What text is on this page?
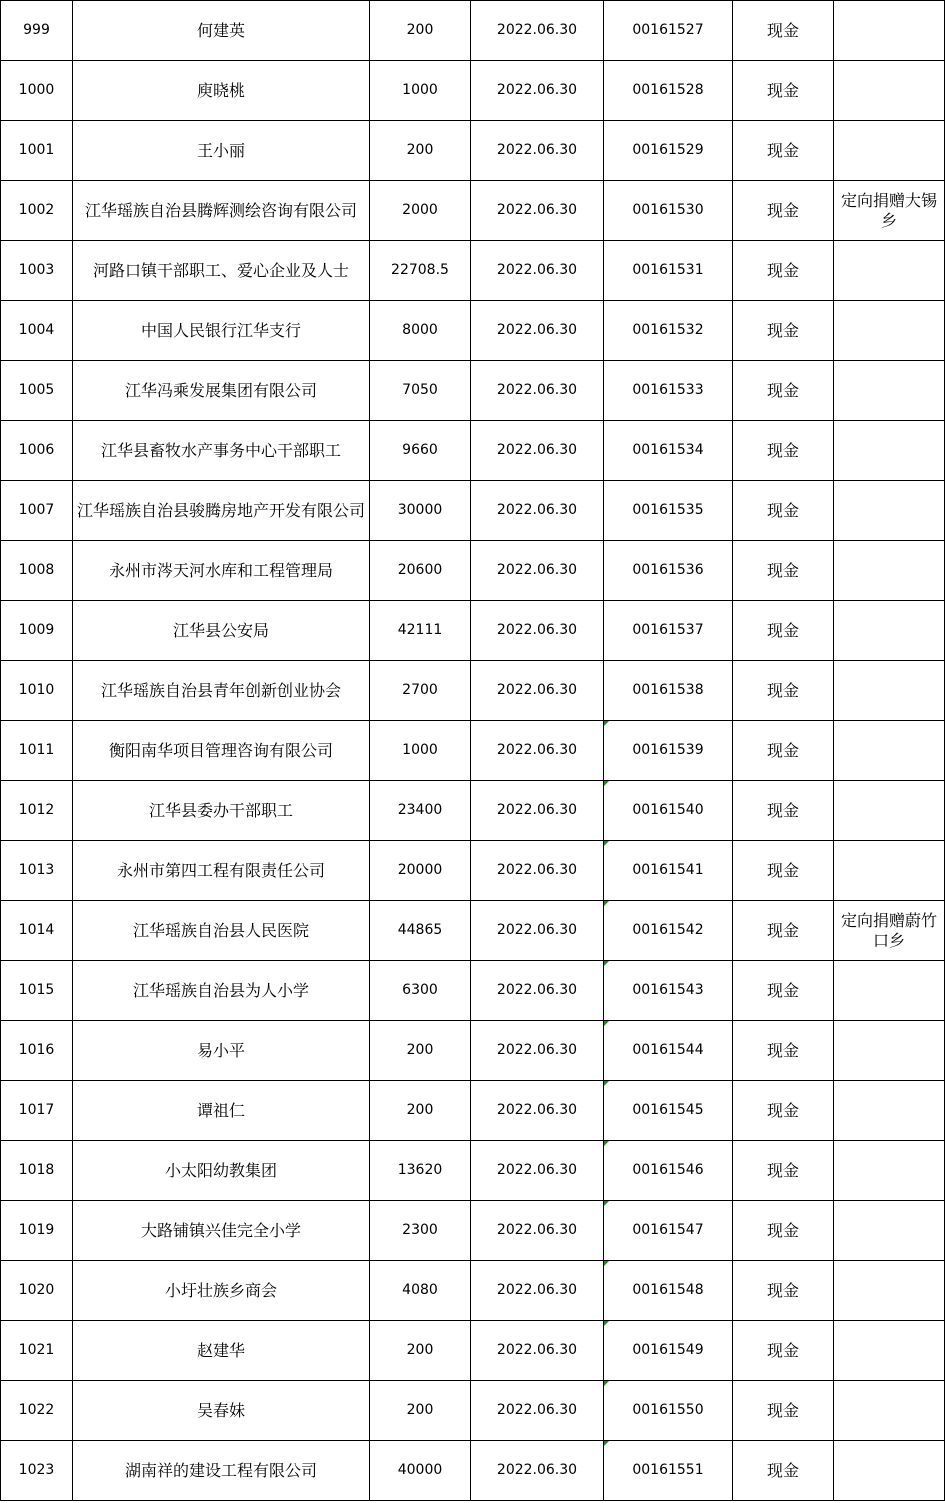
999	何建英	200	2022.06.30	00161527	现金	
1000	庾晓桃	1000	2022.06.30	00161528	现金	
1001	王小丽	200	2022.06.30	00161529	现金	
1002	江华瑶族自治县腾辉测绘咨询有限公司	2000	2022.06.30	00161530	现金	定向捐赠大锡乡
1003	河路口镇干部职工、爱心企业及人士	22708.5	2022.06.30	00161531	现金	
1004	中国人民银行江华支行	8000	2022.06.30	00161532	现金	
1005	江华冯乘发展集团有限公司	7050	2022.06.30	00161533	现金	
1006	江华县畜牧水产事务中心干部职工	9660	2022.06.30	00161534	现金	
1007	江华瑶族自治县骏腾房地产开发有限公司	30000	2022.06.30	00161535	现金	
1008	永州市涔天河水库和工程管理局	20600	2022.06.30	00161536	现金	
1009	江华县公安局	42111	2022.06.30	00161537	现金	
1010	江华瑶族自治县青年创新创业协会	2700	2022.06.30	00161538	现金	
1011	衡阳南华项目管理咨询有限公司	1000	2022.06.30	00161539	现金	
1012	江华县委办干部职工	23400	2022.06.30	00161540	现金	
1013	永州市第四工程有限责任公司	20000	2022.06.30	00161541	现金	
1014	江华瑶族自治县人民医院	44865	2022.06.30	00161542	现金	定向捐赠蔚竹口乡
1015	江华瑶族自治县为人小学	6300	2022.06.30	00161543	现金	
1016	易小平	200	2022.06.30	00161544	现金	
1017	谭祖仁	200	2022.06.30	00161545	现金	
1018	小太阳幼教集团	13620	2022.06.30	00161546	现金	
1019	大路铺镇兴佳完全小学	2300	2022.06.30	00161547	现金	
1020	小圩壮族乡商会	4080	2022.06.30	00161548	现金	
1021	赵建华	200	2022.06.30	00161549	现金	
1022	吴春妹	200	2022.06.30	00161550	现金	
1023	湖南祥的建设工程有限公司	40000	2022.06.30	00161551	现金	
